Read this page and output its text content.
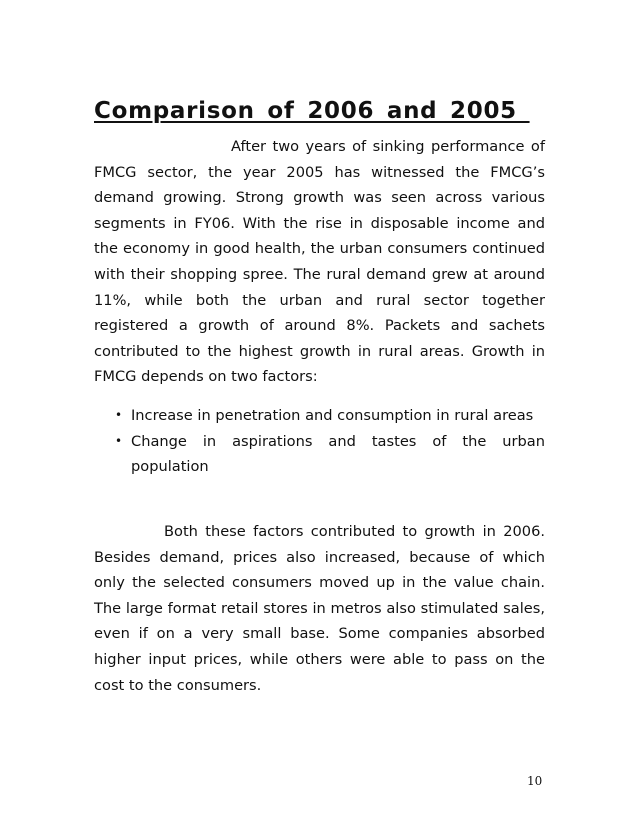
Comparison of 2006 and 2005

After two years of sinking performance of FMCG sector, the year 2005 has witnessed the FMCG’s demand growing. Strong growth was seen across various segments in FY06. With the rise in disposable income and the economy in good health, the urban consumers continued with their shopping spree. The rural demand grew at around 11%, while both the urban and rural sector together registered a growth of around 8%. Packets and sachets contributed to the highest growth in rural areas. Growth in FMCG depends on two factors:

• Increase in penetration and consumption in rural areas
• Change in aspirations and tastes of the urban population

Both these factors contributed to growth in 2006. Besides demand, prices also increased, because of which only the selected consumers moved up in the value chain. The large format retail stores in metros also stimulated sales, even if on a very small base. Some companies absorbed higher input prices, while others were able to pass on the cost to the consumers.

10
